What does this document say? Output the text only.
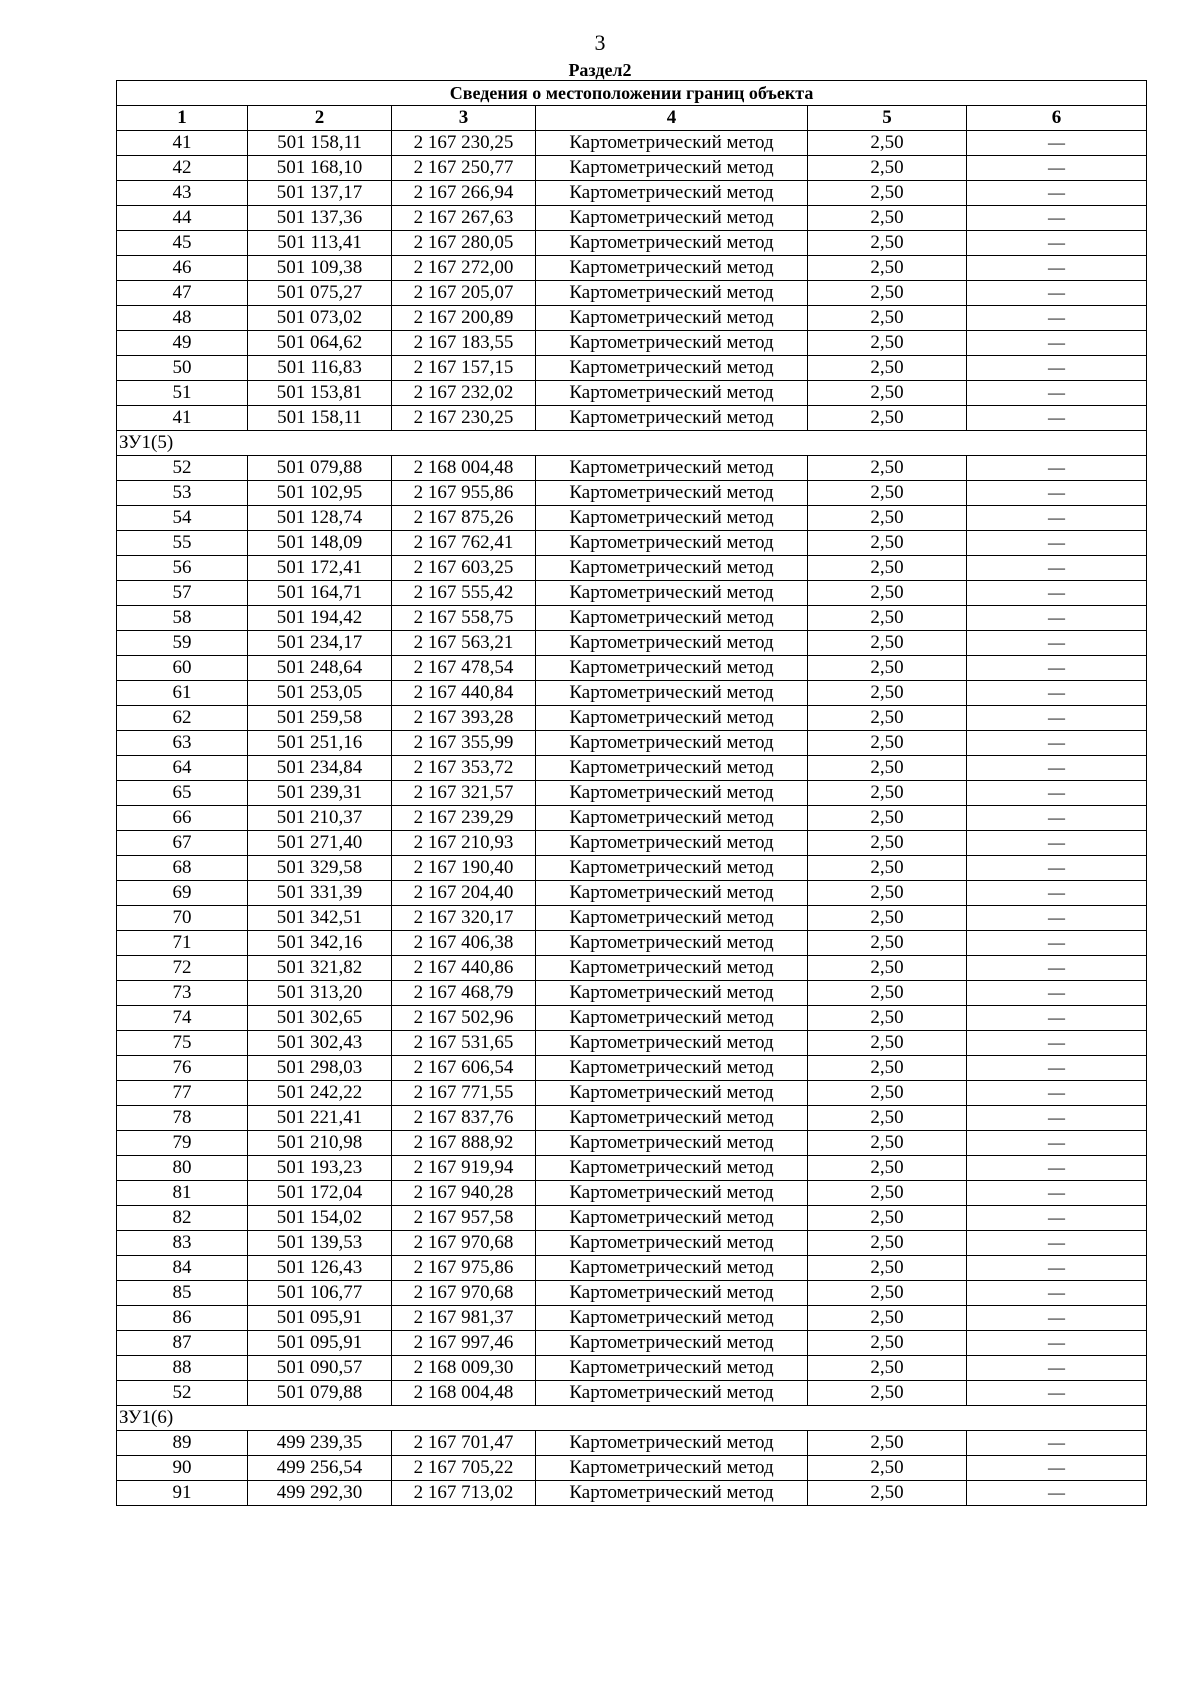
3
Раздел2
Сведения о местоположении границ объекта					
1	2	3	4	5	6
41	501 158,11	2 167 230,25	Картометрический метод	2,50	—
42	501 168,10	2 167 250,77	Картометрический метод	2,50	—
43	501 137,17	2 167 266,94	Картометрический метод	2,50	—
44	501 137,36	2 167 267,63	Картометрический метод	2,50	—
45	501 113,41	2 167 280,05	Картометрический метод	2,50	—
46	501 109,38	2 167 272,00	Картометрический метод	2,50	—
47	501 075,27	2 167 205,07	Картометрический метод	2,50	—
48	501 073,02	2 167 200,89	Картометрический метод	2,50	—
49	501 064,62	2 167 183,55	Картометрический метод	2,50	—
50	501 116,83	2 167 157,15	Картометрический метод	2,50	—
51	501 153,81	2 167 232,02	Картометрический метод	2,50	—
41	501 158,11	2 167 230,25	Картометрический метод	2,50	—
ЗУ1(5)					
52	501 079,88	2 168 004,48	Картометрический метод	2,50	—
53	501 102,95	2 167 955,86	Картометрический метод	2,50	—
54	501 128,74	2 167 875,26	Картометрический метод	2,50	—
55	501 148,09	2 167 762,41	Картометрический метод	2,50	—
56	501 172,41	2 167 603,25	Картометрический метод	2,50	—
57	501 164,71	2 167 555,42	Картометрический метод	2,50	—
58	501 194,42	2 167 558,75	Картометрический метод	2,50	—
59	501 234,17	2 167 563,21	Картометрический метод	2,50	—
60	501 248,64	2 167 478,54	Картометрический метод	2,50	—
61	501 253,05	2 167 440,84	Картометрический метод	2,50	—
62	501 259,58	2 167 393,28	Картометрический метод	2,50	—
63	501 251,16	2 167 355,99	Картометрический метод	2,50	—
64	501 234,84	2 167 353,72	Картометрический метод	2,50	—
65	501 239,31	2 167 321,57	Картометрический метод	2,50	—
66	501 210,37	2 167 239,29	Картометрический метод	2,50	—
67	501 271,40	2 167 210,93	Картометрический метод	2,50	—
68	501 329,58	2 167 190,40	Картометрический метод	2,50	—
69	501 331,39	2 167 204,40	Картометрический метод	2,50	—
70	501 342,51	2 167 320,17	Картометрический метод	2,50	—
71	501 342,16	2 167 406,38	Картометрический метод	2,50	—
72	501 321,82	2 167 440,86	Картометрический метод	2,50	—
73	501 313,20	2 167 468,79	Картометрический метод	2,50	—
74	501 302,65	2 167 502,96	Картометрический метод	2,50	—
75	501 302,43	2 167 531,65	Картометрический метод	2,50	—
76	501 298,03	2 167 606,54	Картометрический метод	2,50	—
77	501 242,22	2 167 771,55	Картометрический метод	2,50	—
78	501 221,41	2 167 837,76	Картометрический метод	2,50	—
79	501 210,98	2 167 888,92	Картометрический метод	2,50	—
80	501 193,23	2 167 919,94	Картометрический метод	2,50	—
81	501 172,04	2 167 940,28	Картометрический метод	2,50	—
82	501 154,02	2 167 957,58	Картометрический метод	2,50	—
83	501 139,53	2 167 970,68	Картометрический метод	2,50	—
84	501 126,43	2 167 975,86	Картометрический метод	2,50	—
85	501 106,77	2 167 970,68	Картометрический метод	2,50	—
86	501 095,91	2 167 981,37	Картометрический метод	2,50	—
87	501 095,91	2 167 997,46	Картометрический метод	2,50	—
88	501 090,57	2 168 009,30	Картометрический метод	2,50	—
52	501 079,88	2 168 004,48	Картометрический метод	2,50	—
ЗУ1(6)					
89	499 239,35	2 167 701,47	Картометрический метод	2,50	—
90	499 256,54	2 167 705,22	Картометрический метод	2,50	—
91	499 292,30	2 167 713,02	Картометрический метод	2,50	—
